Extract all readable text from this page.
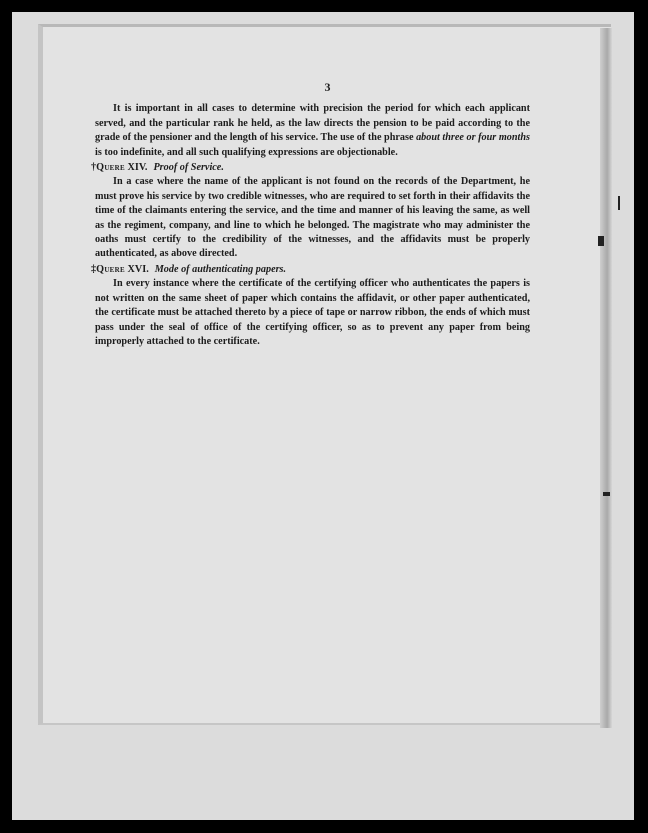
3

It is important in all cases to determine with precision the period for which each applicant served, and the particular rank he held, as the law directs the pension to be paid according to the grade of the pensioner and the length of his service. The use of the phrase about three or four months is too indefinite, and all such qualifying expressions are objectionable.

†Querе XIV. Proof of Service.

In a case where the name of the applicant is not found on the records of the Department, he must prove his service by two credible witnesses, who are required to set forth in their affidavits the time of the claimants entering the service, and the time and manner of his leaving the same, as well as the regiment, company, and line to which he belonged. The magistrate who may administer the oaths must certify to the credibility of the witnesses, and the affidavits must be properly authenticated, as above directed.

‡Quere XVI. Mode of authenticating papers.

In every instance where the certificate of the certifying officer who authenticates the papers is not written on the same sheet of paper which contains the affidavit, or other paper authenticated, the certificate must be attached thereto by a piece of tape or narrow ribbon, the ends of which must pass under the seal of office of the certifying officer, so as to prevent any paper from being improperly attached to the certificate.
